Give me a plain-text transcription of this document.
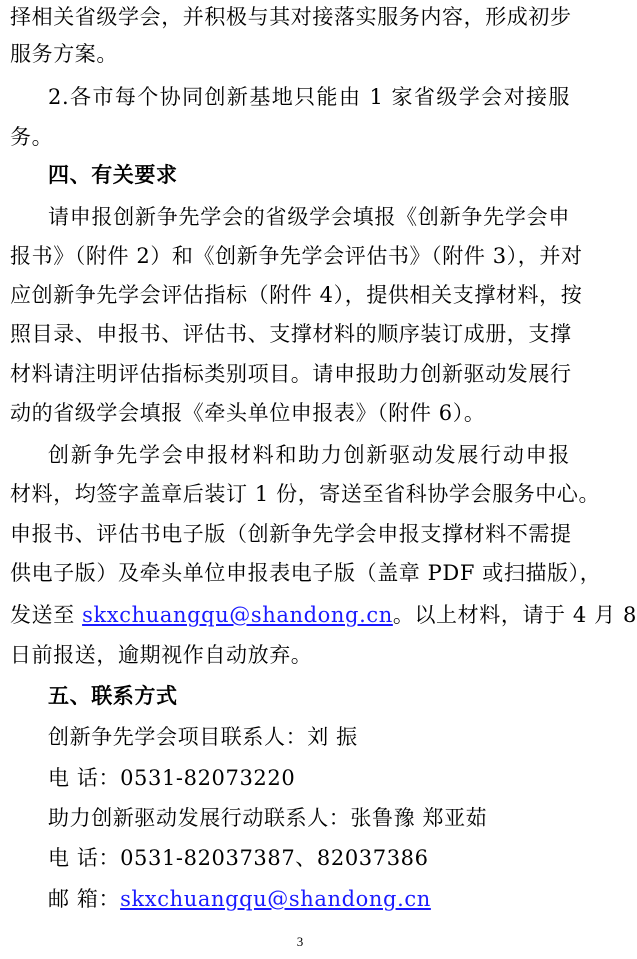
择相关省级学会，并积极与其对接落实服务内容，形成初步
服务方案。
2.各市每个协同创新基地只能由 1 家省级学会对接服
务。
四、有关要求
请申报创新争先学会的省级学会填报《创新争先学会申
报书》（附件 2）和《创新争先学会评估书》（附件 3），并对
应创新争先学会评估指标（附件 4），提供相关支撑材料，按
照目录、申报书、评估书、支撑材料的顺序装订成册，支撑
材料请注明评估指标类别项目。请申报助力创新驱动发展行
动的省级学会填报《牵头单位申报表》（附件 6）。
创新争先学会申报材料和助力创新驱动发展行动申报
材料，均签字盖章后装订 1 份，寄送至省科协学会服务中心。
申报书、评估书电子版（创新争先学会申报支撑材料不需提
供电子版）及牵头单位申报表电子版（盖章 PDF 或扫描版），
发送至 skxchuangqu@shandong.cn 。以上材料，请于 4 月 8
日前报送，逾期视作自动放弃。
五、联系方式
创新争先学会项目联系人：刘 振
电 话：0531-82073220
助力创新驱动发展行动联系人：张鲁豫 郑亚茹
电 话：0531-82037387、82037386
邮 箱：skxchuangqu@shandong.cn
3
